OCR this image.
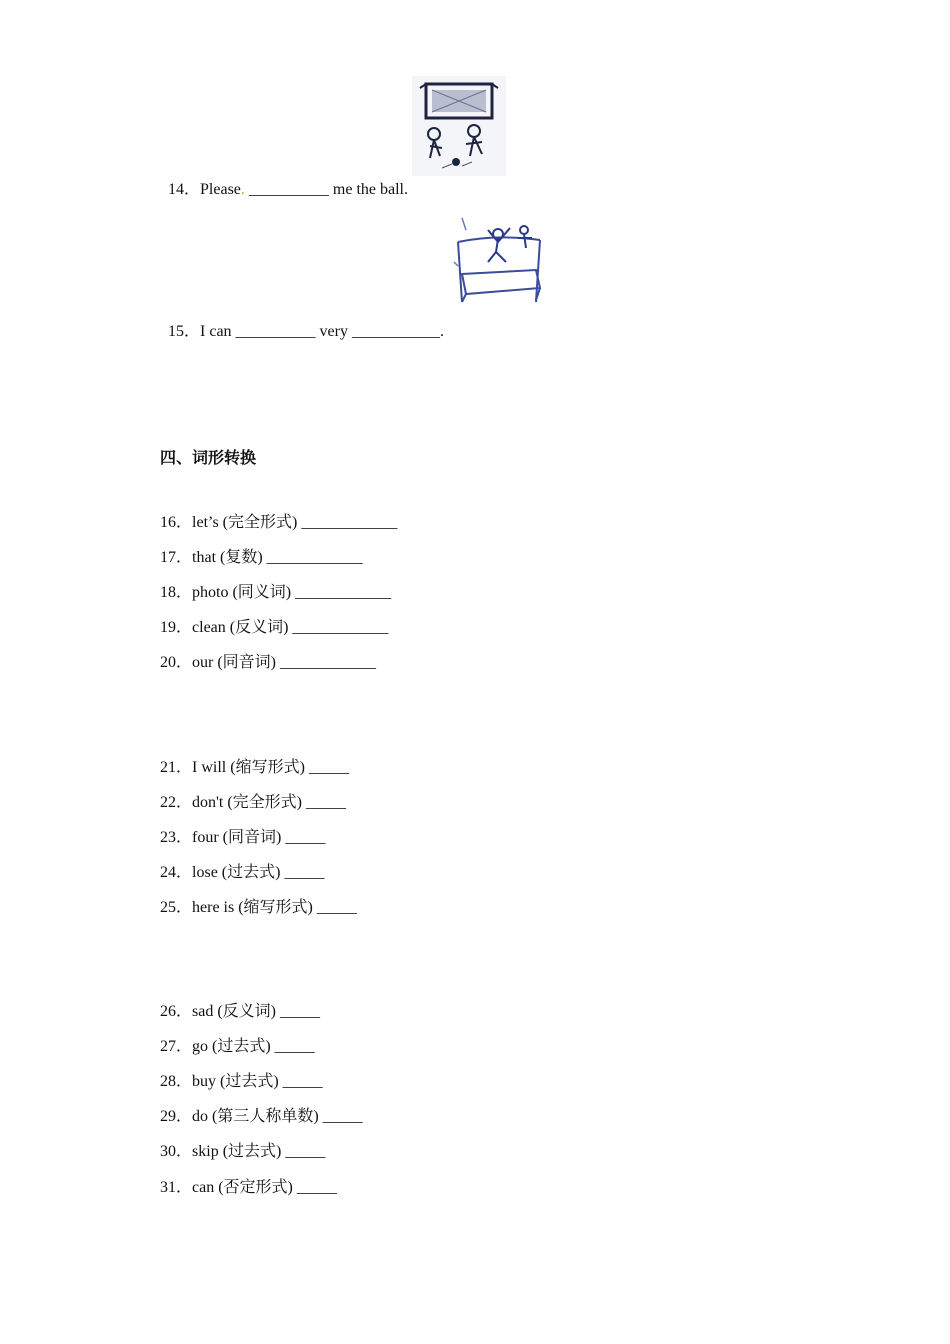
14．Please. __________ me the ball.

15．I can __________ very ___________.

四、词形转换
16．let’s (完全形式) ____________
17．that (复数) ____________
18．photo (同义词) ____________
19．clean (反义词) ____________
20．our (同音词) ____________
21．I will (缩写形式) _____
22．don't (完全形式) _____
23．four (同音词) _____
24．lose (过去式) _____
25．here is (缩写形式) _____
26．sad (反义词) _____
27．go (过去式) _____
28．buy (过去式) _____
29．do (第三人称单数) _____
30．skip (过去式) _____
31．can (否定形式) _____
